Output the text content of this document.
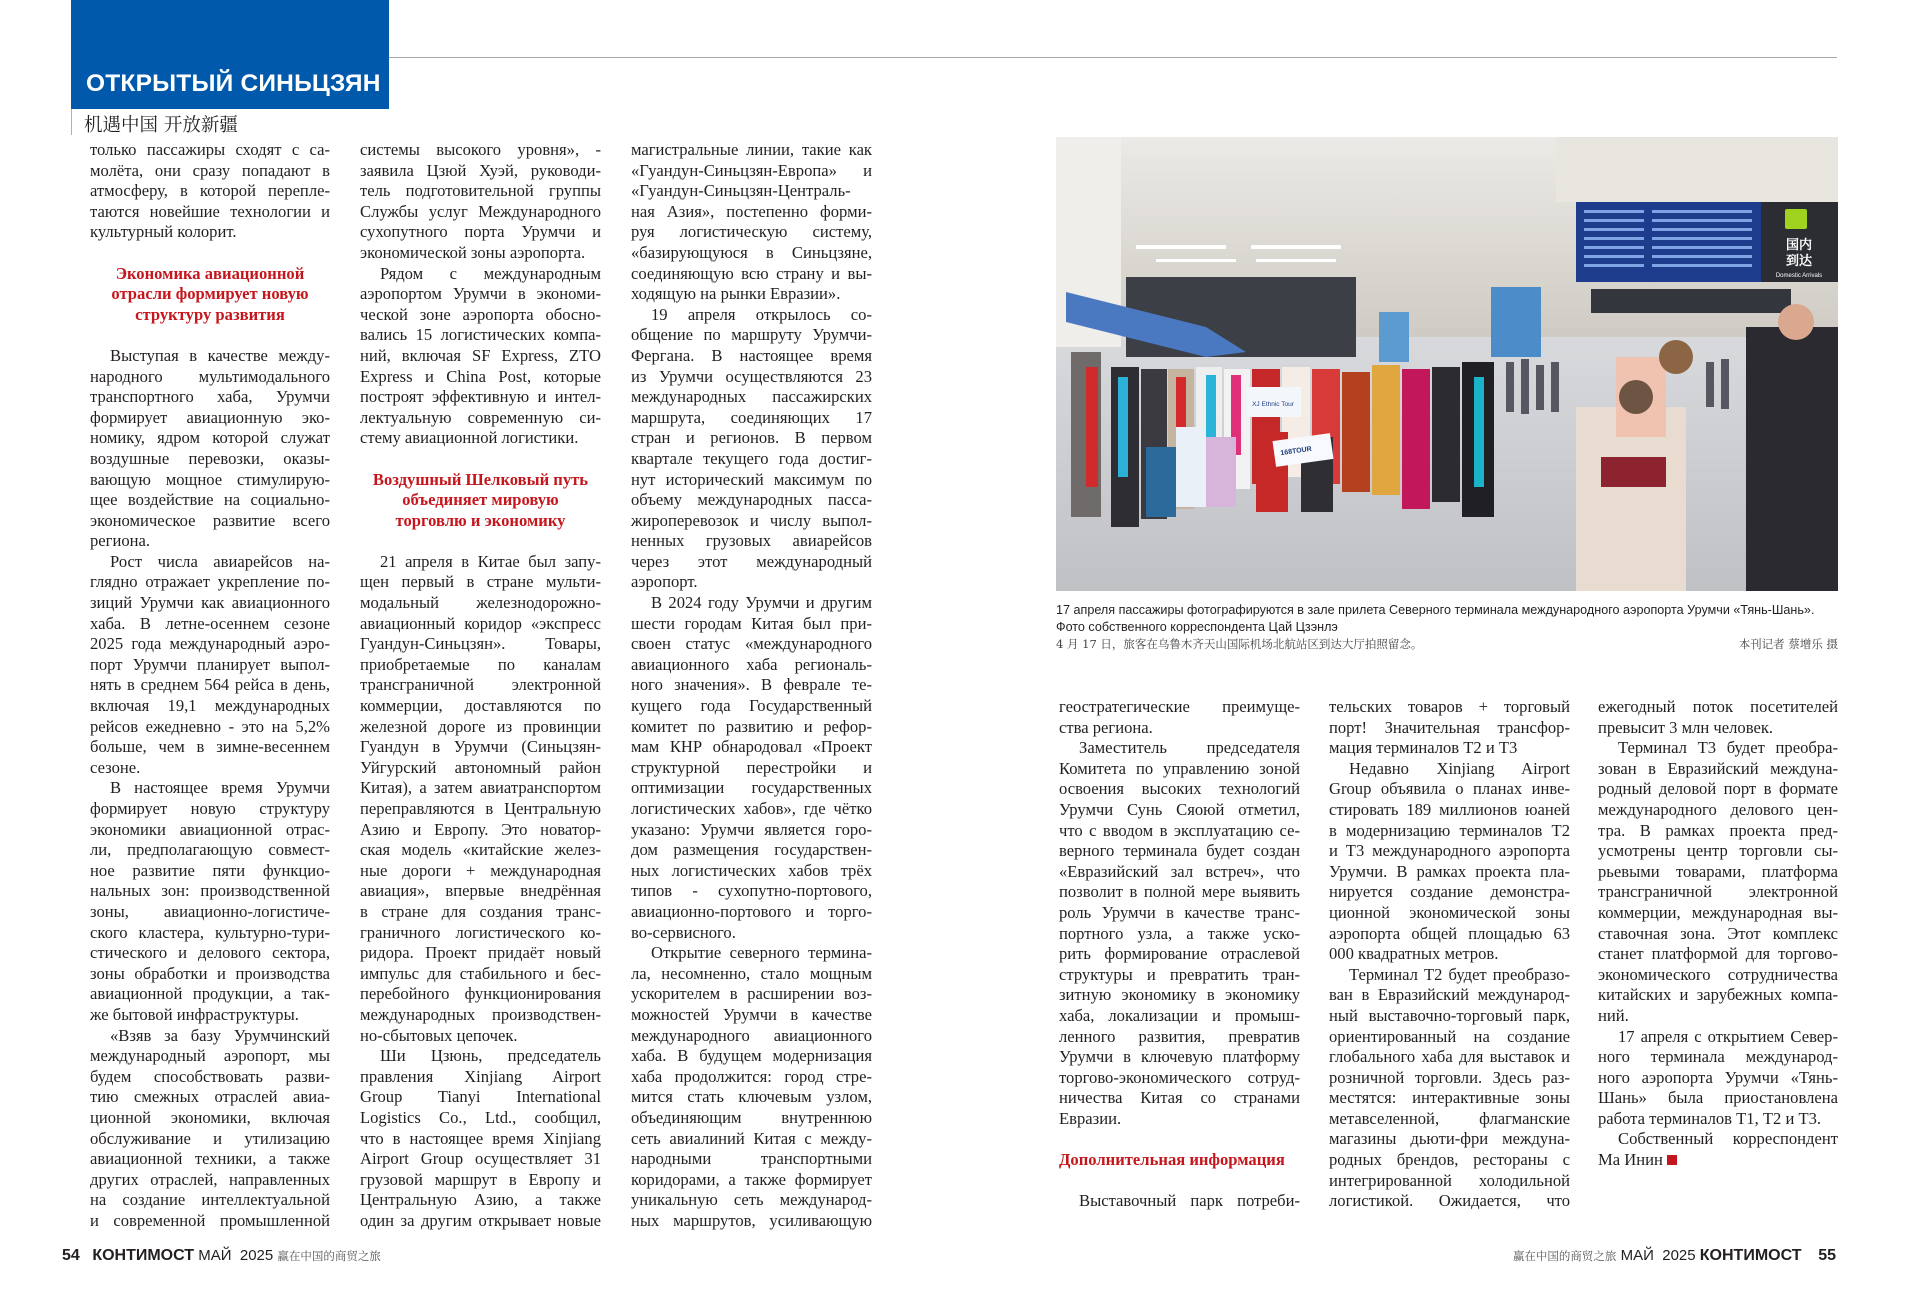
ОТКРЫТЫЙ СИНЬЦЗЯН
机遇中国 开放新疆
только пассажиры сходят с са-
молёта, они сразу попадают в
атмосферу, в которой перепле-
таются новейшие технологии и
культурный колорит.
Экономика авиационной
отрасли формирует новую
структуру развития
Выступая в качестве между-
народного мультимодального
транспортного хаба, Урумчи
формирует авиационную эко-
номику, ядром которой служат
воздушные перевозки, оказы-
вающую мощное стимулирую-
щее воздействие на социально-
экономическое развитие всего
региона.
Рост числа авиарейсов на-
глядно отражает укрепление по-
зиций Урумчи как авиационного
хаба. В летне-осеннем сезоне
2025 года международный аэро-
порт Урумчи планирует выпол-
нять в среднем 564 рейса в день,
включая 19,1 международных
рейсов ежедневно - это на 5,2%
больше, чем в зимне-весеннем
сезоне.
В настоящее время Урумчи
формирует новую структуру
экономики авиационной отрас-
ли, предполагающую совмест-
ное развитие пяти функцио-
нальных зон: производственной
зоны, авиационно-логистиче-
ского кластера, культурно-тури-
стического и делового сектора,
зоны обработки и производства
авиационной продукции, а так-
же бытовой инфраструктуры.
«Взяв за базу Урумчинский
международный аэропорт, мы
будем способствовать разви-
тию смежных отраслей авиа-
ционной экономики, включая
обслуживание и утилизацию
авиационной техники, а также
других отраслей, направленных
на создание интеллектуальной
и современной промышленной
системы высокого уровня», -
заявила Цзюй Хуэй, руководи-
тель подготовительной группы
Службы услуг Международного
сухопутного порта Урумчи и
экономической зоны аэропорта.
Рядом с международным
аэропортом Урумчи в экономи-
ческой зоне аэропорта обосно-
вались 15 логистических компа-
ний, включая SF Express, ZTO
Express и China Post, которые
построят эффективную и интел-
лектуальную современную си-
стему авиационной логистики.
Воздушный Шелковый путь
объединяет мировую
торговлю и экономику
21 апреля в Китае был запу-
щен первый в стране мульти-
модальный железнодорожно-
авиационный коридор «экспресс
Гуандун-Синьцзян». Товары,
приобретаемые по каналам
трансграничной электронной
коммерции, доставляются по
железной дороге из провинции
Гуандун в Урумчи (Синьцзян-
Уйгурский автономный район
Китая), а затем авиатранспортом
переправляются в Центральную
Азию и Европу. Это новатор-
ская модель «китайские желез-
ные дороги + международная
авиация», впервые внедрённая
в стране для создания транс-
граничного логистического ко-
ридора. Проект придаёт новый
импульс для стабильного и бес-
перебойного функционирования
международных производствен-
но-сбытовых цепочек.
Ши Цзюнь, председатель
правления Xinjiang Airport
Group Tianyi International
Logistics Co., Ltd., сообщил,
что в настоящее время Xinjiang
Airport Group осуществляет 31
грузовой маршрут в Европу и
Центральную Азию, а также
один за другим открывает новые
магистральные линии, такие как
«Гуандун-Синьцзян-Европа» и
«Гуандун-Синьцзян-Централь-
ная Азия», постепенно форми-
руя логистическую систему,
«базирующуюся в Синьцзяне,
соединяющую всю страну и вы-
ходящую на рынки Евразии».
19 апреля открылось со-
общение по маршруту Урумчи-
Фергана. В настоящее время
из Урумчи осуществляются 23
международных пассажирских
маршрута, соединяющих 17
стран и регионов. В первом
квартале текущего года достиг-
нут исторический максимум по
объему международных пасса-
жироперевозок и числу выпол-
ненных грузовых авиарейсов
через этот международный
аэропорт.
В 2024 году Урумчи и другим
шести городам Китая был при-
своен статус «международного
авиационного хаба региональ-
ного значения». В феврале те-
кущего года Государственный
комитет по развитию и рефор-
мам КНР обнародовал «Проект
структурной перестройки и
оптимизации государственных
логистических хабов», где чётко
указано: Урумчи является горо-
дом размещения государствен-
ных логистических хабов трёх
типов - сухопутно-портового,
авиационно-портового и торго-
во-сервисного.
Открытие северного термина-
ла, несомненно, стало мощным
ускорителем в расширении воз-
можностей Урумчи в качестве
международного авиационного
хаба. В будущем модернизация
хаба продолжится: город стре-
мится стать ключевым узлом,
объединяющим внутреннюю
сеть авиалиний Китая с между-
народными транспортными
коридорами, а также формирует
уникальную сеть международ-
ных маршрутов, усиливающую
геостратегические преимуще-
ства региона.
Заместитель председателя
Комитета по управлению зоной
освоения высоких технологий
Урумчи Сунь Сяоюй отметил,
что с вводом в эксплуатацию се-
верного терминала будет создан
«Евразийский зал встреч», что
позволит в полной мере выявить
роль Урумчи в качестве транс-
портного узла, а также уско-
рить формирование отраслевой
структуры и превратить тран-
зитную экономику в экономику
хаба, локализации и промыш-
ленного развития, превратив
Урумчи в ключевую платформу
торгово-экономического сотруд-
ничества Китая со странами
Евразии.
Дополнительная информация
Выставочный парк потреби-
тельских товаров + торговый
порт! Значительная трансфор-
мация терминалов Т2 и Т3
Недавно Xinjiang Airport
Group объявила о планах инве-
стировать 189 миллионов юаней
в модернизацию терминалов Т2
и Т3 международного аэропорта
Урумчи. В рамках проекта пла-
нируется создание демонстра-
ционной экономической зоны
аэропорта общей площадью 63
000 квадратных метров.
Терминал Т2 будет преобразо-
ван в Евразийский международ-
ный выставочно-торговый парк,
ориентированный на создание
глобального хаба для выставок и
розничной торговли. Здесь раз-
местятся: интерактивные зоны
метавселенной, флагманские
магазины дьюти-фри междуна-
родных брендов, рестораны с
интегрированной холодильной
логистикой. Ожидается, что
ежегодный поток посетителей
превысит 3 млн человек.
Терминал Т3 будет преобра-
зован в Евразийский междуна-
родный деловой порт в формате
международного делового цен-
тра. В рамках проекта пред-
усмотрены центр торговли сы-
рьевыми товарами, платформа
трансграничной электронной
коммерции, международная вы-
ставочная зона. Этот комплекс
станет платформой для торгово-
экономического сотрудничества
китайских и зарубежных компа-
ний.
17 апреля с открытием Север-
ного терминала международ-
ного аэропорта Урумчи «Тянь-
Шань» была приостановлена
работа терминалов Т1, Т2 и Т3.
Собственный корреспондент
Ма Инин
国内
到达
Domestic Arrivals
XJ Ethnic Tour
168TOUR
17 апреля пассажиры фотографируются в зале прилета Северного терминала международного аэропорта Урумчи «Тянь-Шань».
Фото собственного корреспондента Цай Цзэнлэ
4 月 17 日，旅客在乌鲁木齐天山国际机场北航站区到达大厅拍照留念。	本刊记者 蔡增乐 摄
54 КОНТИМОСТ МАЙ  2025 赢在中国的商贸之旅	赢在中国的商贸之旅 МАЙ  2025 КОНТИМОСТ 55
